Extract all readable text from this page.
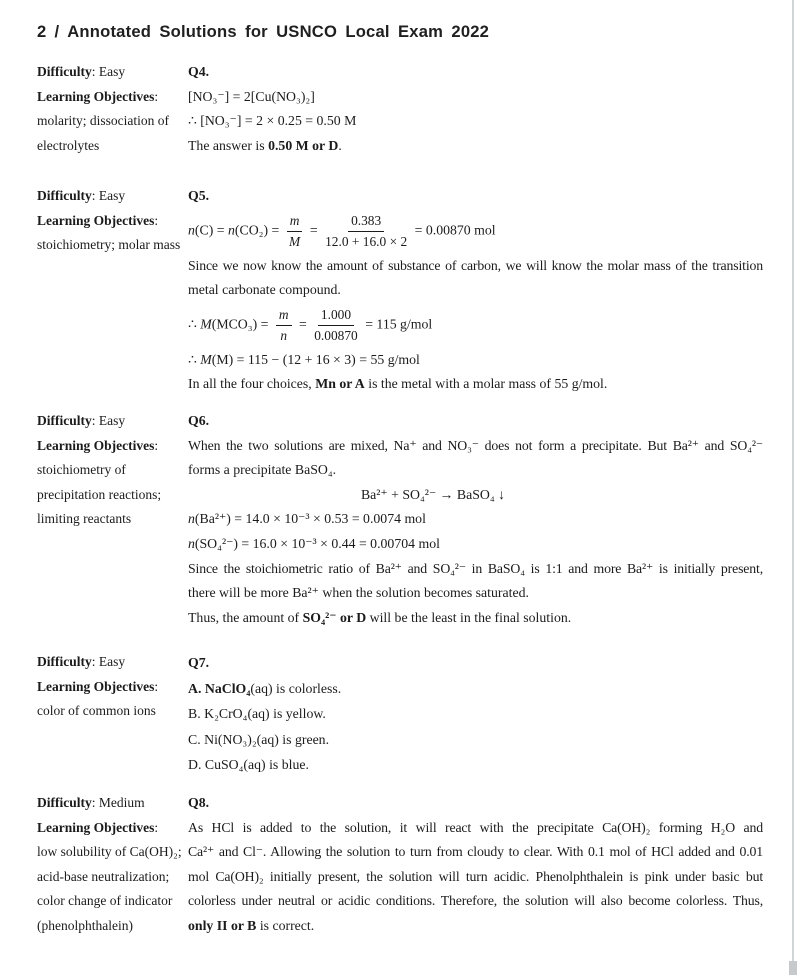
2 / Annotated Solutions for USNCO Local Exam 2022
Difficulty: Easy
Learning Objectives:
molarity; dissociation of
electrolytes
Q4.
[NO₃⁻] = 2[Cu(NO₃)₂]
∴ [NO₃⁻] = 2 × 0.25 = 0.50 M
The answer is 0.50 M or D.
Difficulty: Easy
Learning Objectives:
stoichiometry; molar mass
Q5.
$n(C) = n(CO_2) = \frac{m}{M} = \frac{0.383}{12.0 + 16.0 \times 2} = 0.00870$ mol
Since we now know the amount of substance of carbon, we will know the molar mass of the transition
metal carbonate compound.
∴ $M(MCO_3) = \frac{m}{n} = \frac{1.000}{0.00870} = 115$ g/mol
∴ M(M) = 115 − (12 + 16 × 3) = 55 g/mol
In all the four choices, Mn or A is the metal with a molar mass of 55 g/mol.
Difficulty: Easy
Learning Objectives:
stoichiometry of
precipitation reactions;
limiting reactants
Q6.
When the two solutions are mixed, Na⁺ and NO₃⁻ does not form a precipitate. But Ba²⁺ and SO₄²⁻
forms a precipitate BaSO₄.
Ba²⁺ + SO₄²⁻ → BaSO₄ ↓
n(Ba²⁺) = 14.0 × 10⁻³ × 0.53 = 0.0074 mol
n(SO₄²⁻) = 16.0 × 10⁻³ × 0.44 = 0.00704 mol
Since the stoichiometric ratio of Ba²⁺ and SO₄²⁻ in BaSO₄ is 1:1 and more Ba²⁺ is initially present,
there will be more Ba²⁺ when the solution becomes saturated.
Thus, the amount of SO₄²⁻ or D will be the least in the final solution.
Difficulty: Easy
Learning Objectives:
color of common ions
Q7.
A. NaClO₄(aq) is colorless.
B. K₂CrO₄(aq) is yellow.
C. Ni(NO₃)₂(aq) is green.
D. CuSO₄(aq) is blue.
Difficulty: Medium
Learning Objectives:
low solubility of Ca(OH)₂;
acid-base neutralization;
color change of indicator
(phenolphthalein)
Q8.
As HCl is added to the solution, it will react with the precipitate Ca(OH)₂ forming H₂O and
Ca²⁺ and Cl⁻. Allowing the solution to turn from cloudy to clear. With 0.1 mol of HCl added and 0.01
mol Ca(OH)₂ initially present, the solution will turn acidic. Phenolphthalein is pink under basic but
colorless under neutral or acidic conditions. Therefore, the solution will also become colorless. Thus,
only II or B is correct.
